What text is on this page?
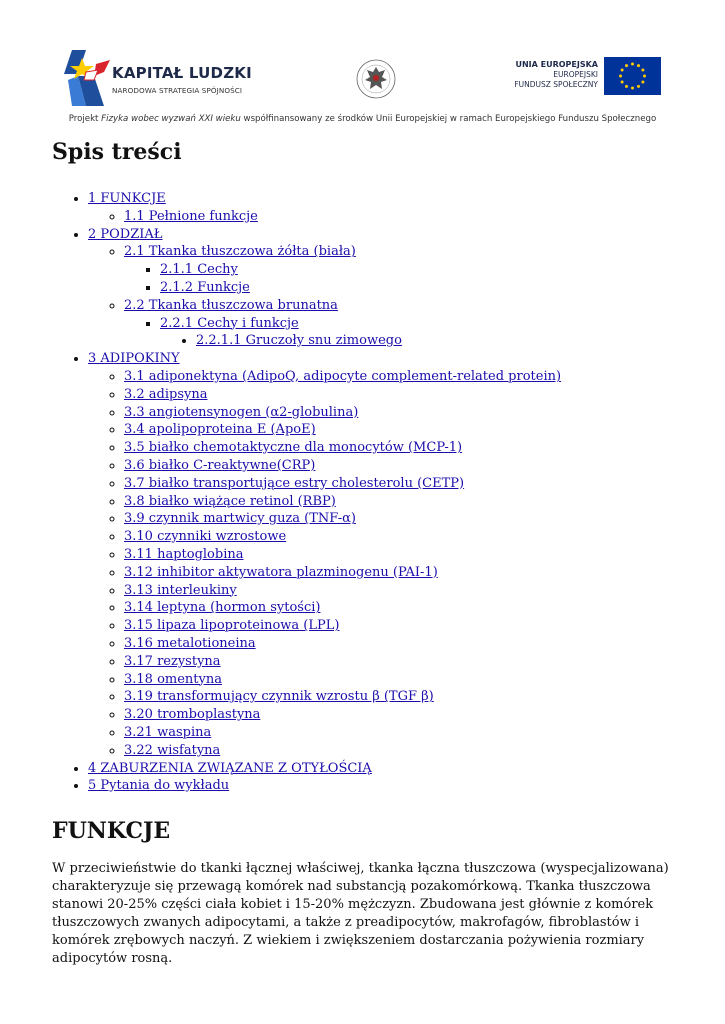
KAPITAŁ LUDZKI
NARODOWA STRATEGIA SPÓJNOŚCI
UNIA EUROPEJSKA
EUROPEJSKI
FUNDUSZ SPOŁECZNY
Projekt Fizyka wobec wyzwań XXI wieku współfinansowany ze środków Unii Europejskiej w ramach Europejskiego Funduszu Społecznego
Spis treści
• 1 FUNKCJE
◦ 1.1 Pełnione funkcje
• 2 PODZIAŁ
◦ 2.1 Tkanka tłuszczowa żółta (biała)
▪ 2.1.1 Cechy
▪ 2.1.2 Funkcje
◦ 2.2 Tkanka tłuszczowa brunatna
▪ 2.2.1 Cechy i funkcje
• 2.2.1.1 Gruczoły snu zimowego
• 3 ADIPOKINY
◦ 3.1 adiponektyna (AdipoQ, adipocyte complement-related protein)
◦ 3.2 adipsyna
◦ 3.3 angiotensynogen (α2-globulina)
◦ 3.4 apolipoproteina E (ApoE)
◦ 3.5 białko chemotaktyczne dla monocytów (MCP-1)
◦ 3.6 białko C-reaktywne(CRP)
◦ 3.7 białko transportujące estry cholesterolu (CETP)
◦ 3.8 białko wiążące retinol (RBP)
◦ 3.9 czynnik martwicy guza (TNF-α)
◦ 3.10 czynniki wzrostowe
◦ 3.11 haptoglobina
◦ 3.12 inhibitor aktywatora plazminogenu (PAI-1)
◦ 3.13 interleukiny
◦ 3.14 leptyna (hormon sytości)
◦ 3.15 lipaza lipoproteinowa (LPL)
◦ 3.16 metalotioneina
◦ 3.17 rezystyna
◦ 3.18 omentyna
◦ 3.19 transformujący czynnik wzrostu β (TGF β)
◦ 3.20 tromboplastyna
◦ 3.21 waspina
◦ 3.22 wisfatyna
• 4 ZABURZENIA ZWIĄZANE Z OTYŁOŚCIĄ
• 5 Pytania do wykładu
FUNKCJE

W przeciwieństwie do tkanki łącznej właściwej, tkanka łączna tłuszczowa (wyspecjalizowana) charakteryzuje się przewagą komórek nad substancją pozakomórkową. Tkanka tłuszczowa stanowi 20-25% części ciała kobiet i 15-20% mężczyzn. Zbudowana jest głównie z komórek tłuszczowych zwanych adipocytami, a także z preadipocytów, makrofagów, fibroblastów i komórek zrębowych naczyń. Z wiekiem i zwiększeniem dostarczania pożywienia rozmiary adipocytów rosną.
